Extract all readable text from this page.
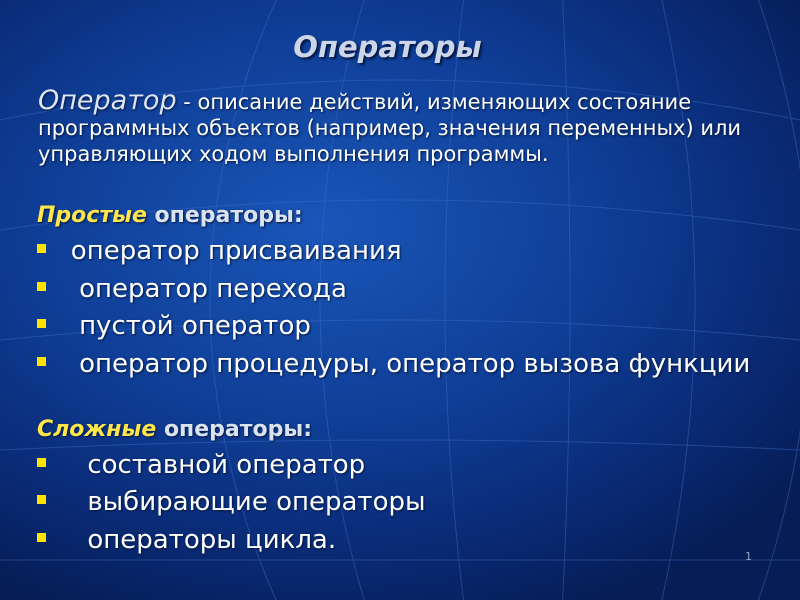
Операторы
Оператор - описание действий, изменяющих состояние программных объектов (например, значения переменных) или управляющих ходом выполнения программы.
Простые операторы:
оператор присваивания
оператор перехода
пустой оператор
оператор процедуры, оператор вызова функции
Сложные операторы:
составной оператор
выбирающие операторы
операторы цикла.
1
